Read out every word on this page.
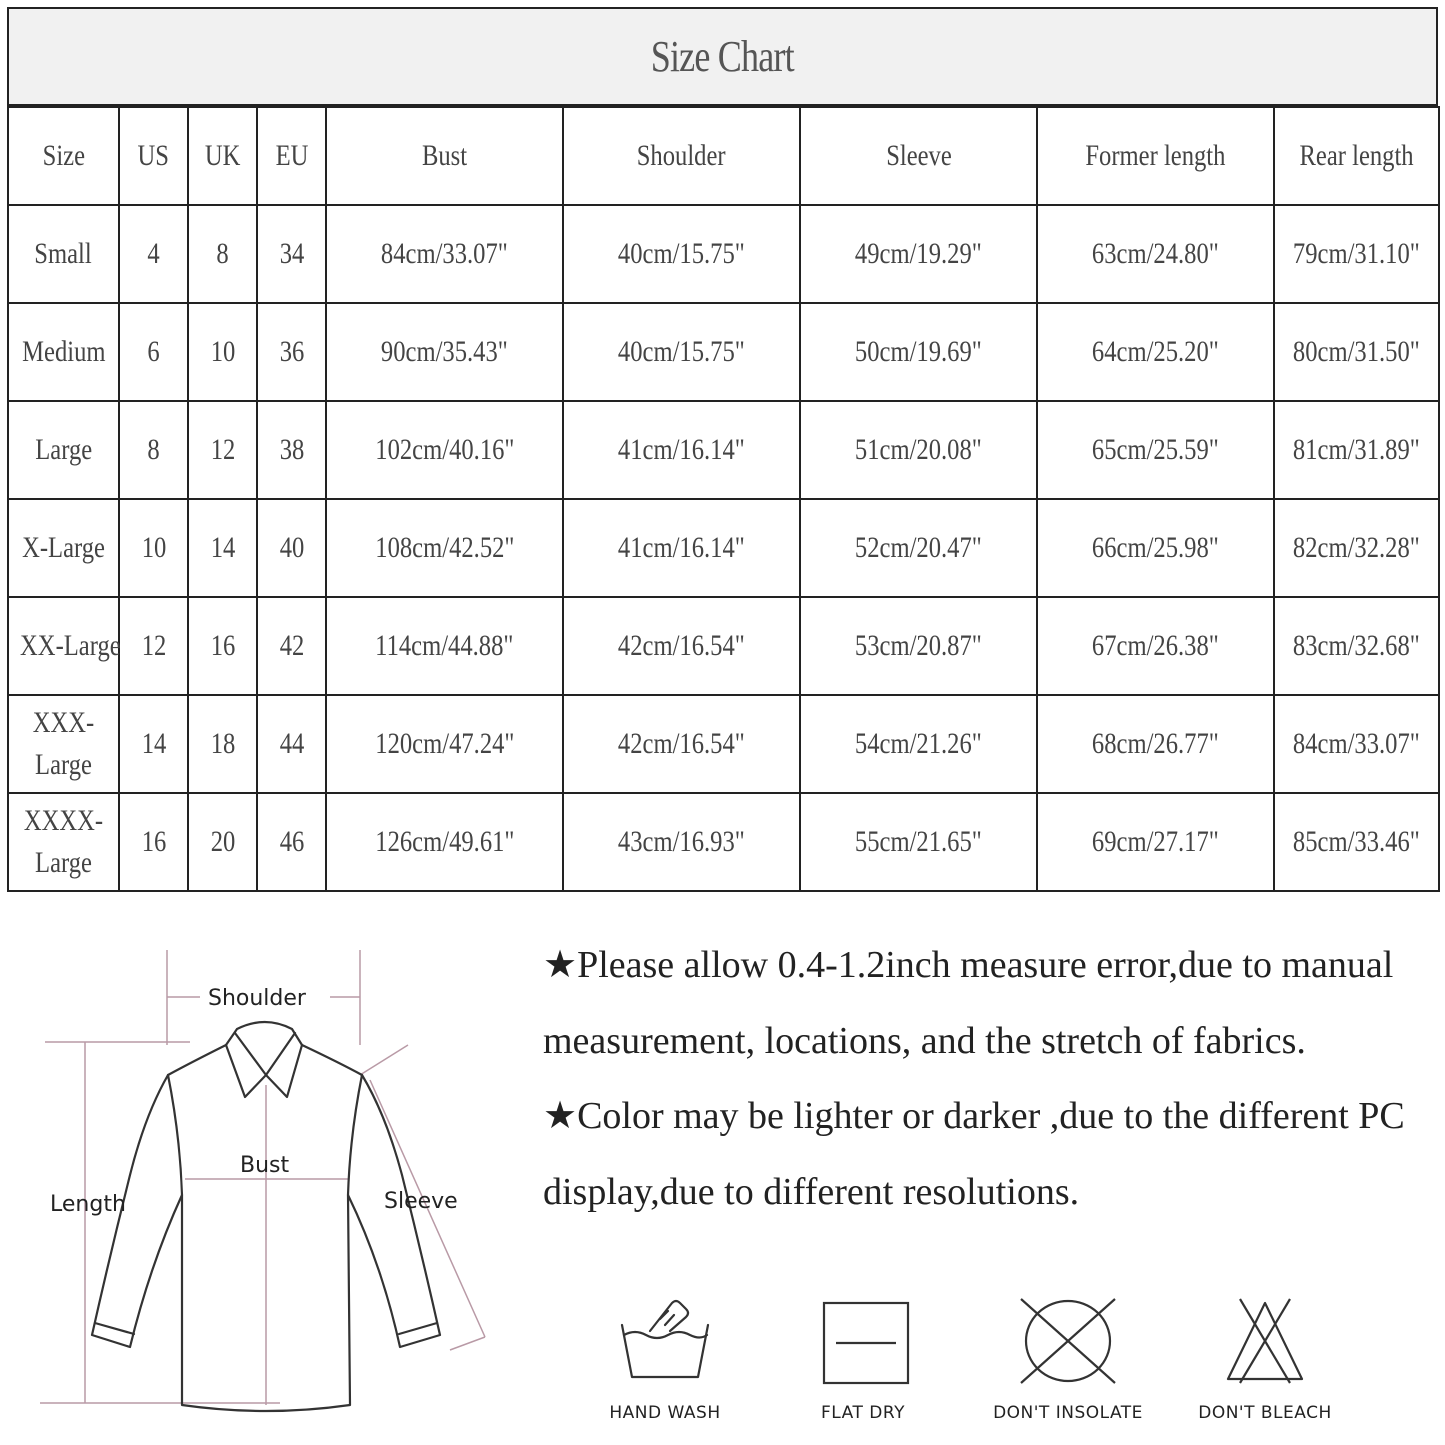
Size Chart
Size	US	UK	EU	Bust	Shoulder	Sleeve	Former length	Rear length
Small	4	8	34	84cm/33.07"	40cm/15.75"	49cm/19.29"	63cm/24.80"	79cm/31.10"
Medium	6	10	36	90cm/35.43"	40cm/15.75"	50cm/19.69"	64cm/25.20"	80cm/31.50"
Large	8	12	38	102cm/40.16"	41cm/16.14"	51cm/20.08"	65cm/25.59"	81cm/31.89"
X-Large	10	14	40	108cm/42.52"	41cm/16.14"	52cm/20.47"	66cm/25.98"	82cm/32.28"
XX-Large	12	16	42	114cm/44.88"	42cm/16.54"	53cm/20.87"	67cm/26.38"	83cm/32.68"
XXX-Large	14	18	44	120cm/47.24"	42cm/16.54"	54cm/21.26"	68cm/26.77"	84cm/33.07"
XXXX-Large	16	20	46	126cm/49.61"	43cm/16.93"	55cm/21.65"	69cm/27.17"	85cm/33.46"
Shoulder
Bust
Length	Sleeve

★Please allow 0.4-1.2inch measure error,due to manual measurement, locations, and the stretch of fabrics.

★Color may be lighter or darker ,due to the different PC display,due to different resolutions.

HAND WASH	FLAT DRY	DON'T INSOLATE	DON'T BLEACH
